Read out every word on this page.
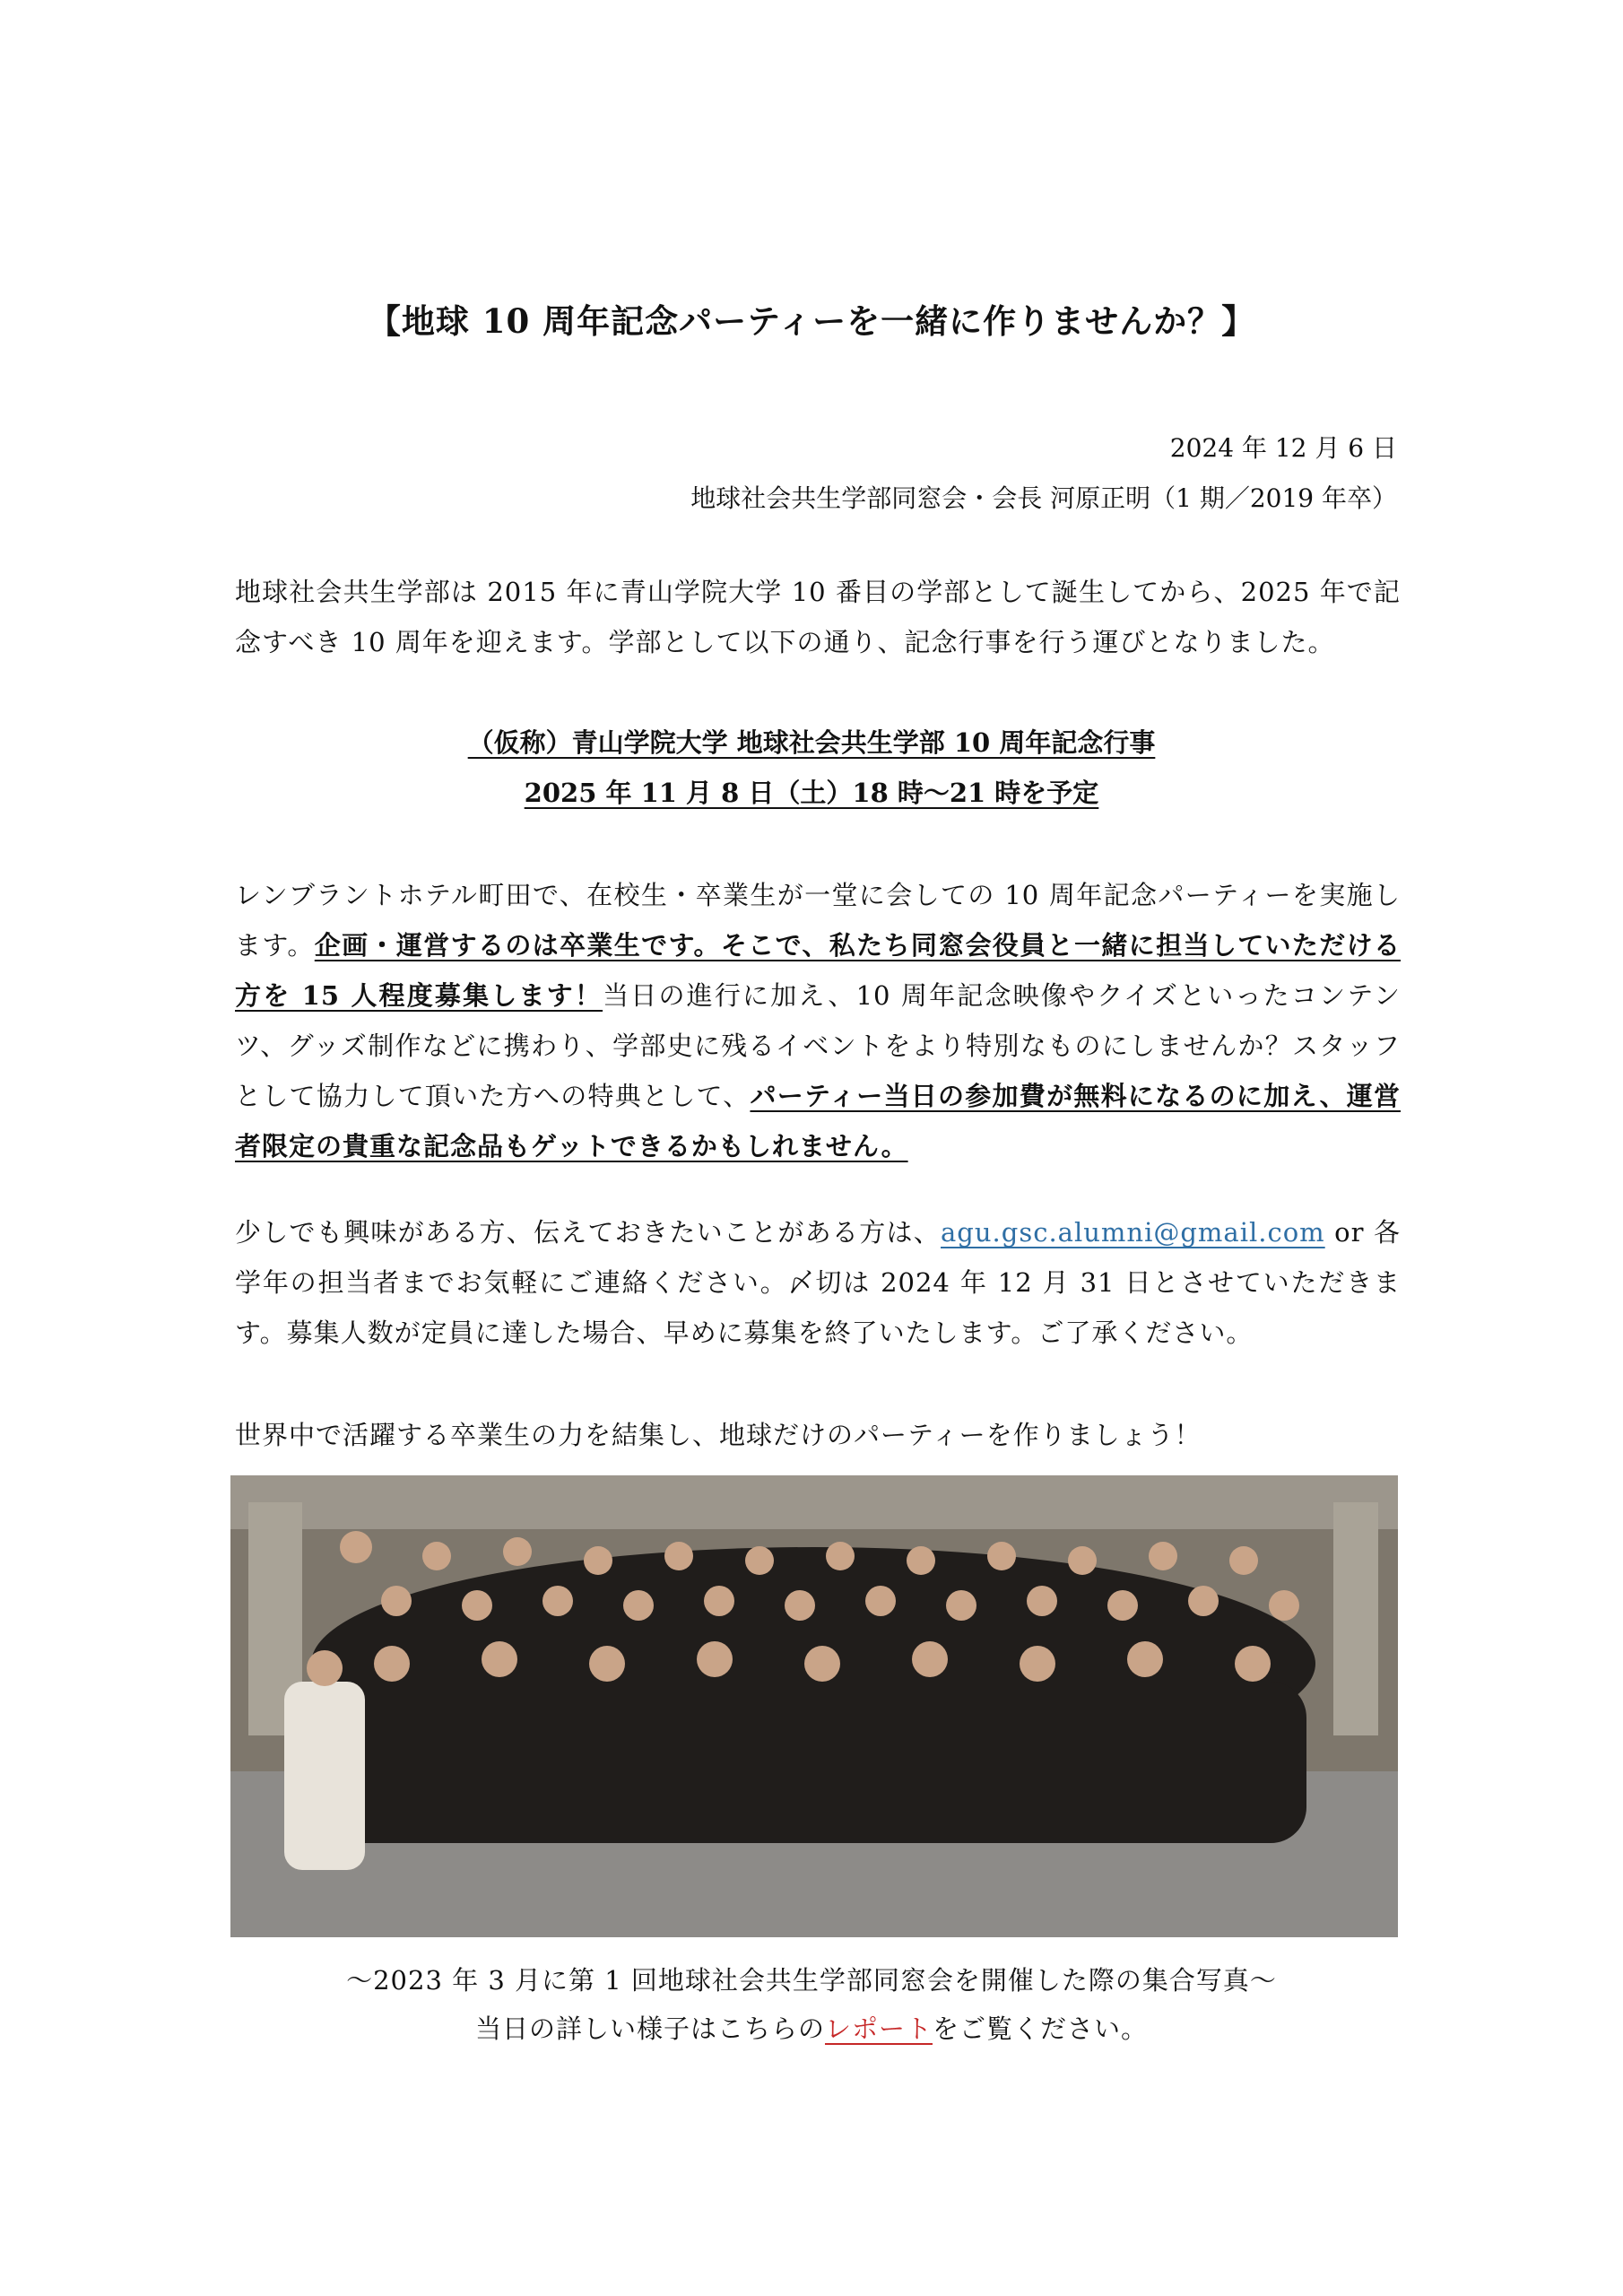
【地球 10 周年記念パーティーを一緒に作りませんか？】
2024 年 12 月 6 日
地球社会共生学部同窓会・会長 河原正明（1 期／2019 年卒）
地球社会共生学部は 2015 年に青山学院大学 10 番目の学部として誕生してから、2025 年で記念すべき 10 周年を迎えます。学部として以下の通り、記念行事を行う運びとなりました。
（仮称）青山学院大学 地球社会共生学部 10 周年記念行事
2025 年 11 月 8 日（土）18 時〜21 時を予定
レンブラントホテル町田で、在校生・卒業生が一堂に会しての 10 周年記念パーティーを実施します。企画・運営するのは卒業生です。そこで、私たち同窓会役員と一緒に担当していただける方を 15 人程度募集します！当日の進行に加え、10 周年記念映像やクイズといったコンテンツ、グッズ制作などに携わり、学部史に残るイベントをより特別なものにしませんか？スタッフとして協力して頂いた方への特典として、パーティー当日の参加費が無料になるのに加え、運営者限定の貴重な記念品もゲットできるかもしれません。
少しでも興味がある方、伝えておきたいことがある方は、agu.gsc.alumni@gmail.com or 各学年の担当者までお気軽にご連絡ください。〆切は 2024 年 12 月 31 日とさせていただきます。募集人数が定員に達した場合、早めに募集を終了いたします。ご了承ください。
世界中で活躍する卒業生の力を結集し、地球だけのパーティーを作りましょう！
〜2023 年 3 月に第 1 回地球社会共生学部同窓会を開催した際の集合写真〜
当日の詳しい様子はこちらのレポートをご覧ください。
